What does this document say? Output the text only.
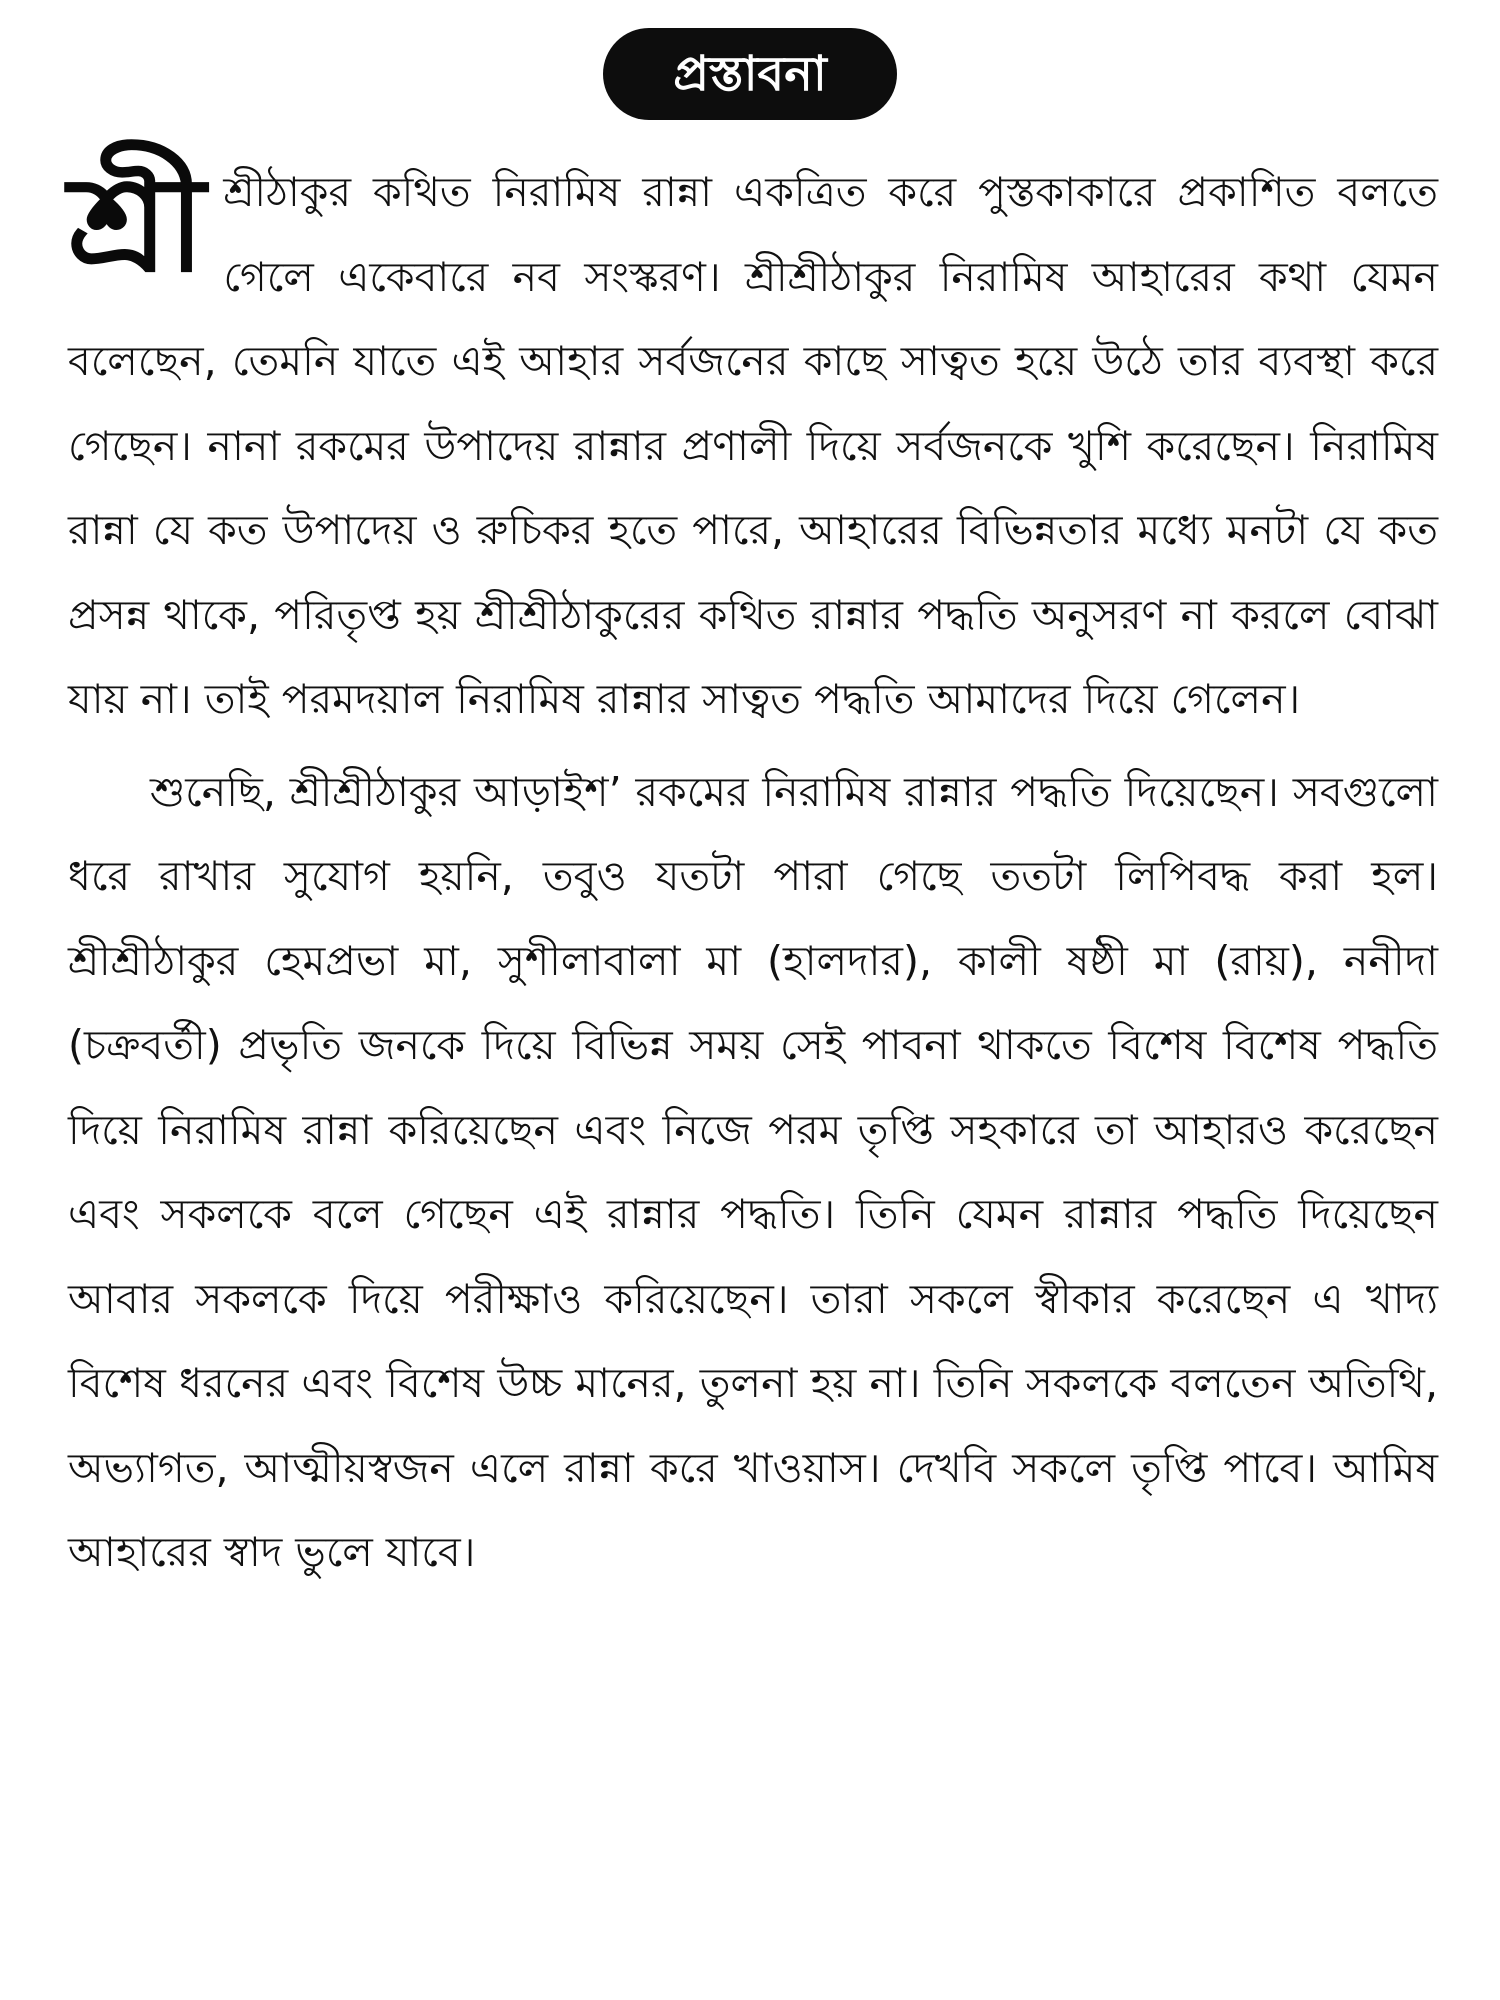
প্রস্তাবনা
শ্রী শ্রীঠাকুর কথিত নিরামিষ রান্না একত্রিত করে পুস্তকাকারে প্রকাশিত বলতে গেলে একেবারে নব সংস্করণ। শ্রীশ্রীঠাকুর নিরামিষ আহারের কথা যেমন বলেছেন, তেমনি যাতে এই আহার সর্বজনের কাছে সাত্বত হয়ে উঠে তার ব্যবস্থা করে গেছেন। নানা রকমের উপাদেয় রান্নার প্রণালী দিয়ে সর্বজনকে খুশি করেছেন। নিরামিষ রান্না যে কত উপাদেয় ও রুচিকর হতে পারে, আহারের বিভিন্নতার মধ্যে মনটা যে কত প্রসন্ন থাকে, পরিতৃপ্ত হয় শ্রীশ্রীঠাকুরের কথিত রান্নার পদ্ধতি অনুসরণ না করলে বোঝা যায় না। তাই পরমদয়াল নিরামিষ রান্নার সাত্বত পদ্ধতি আমাদের দিয়ে গেলেন।

শুনেছি, শ্রীশ্রীঠাকুর আড়াইশ’ রকমের নিরামিষ রান্নার পদ্ধতি দিয়েছেন। সবগুলো ধরে রাখার সুযোগ হয়নি, তবুও যতটা পারা গেছে ততটা লিপিবদ্ধ করা হল। শ্রীশ্রীঠাকুর হেমপ্রভা মা, সুশীলাবালা মা (হালদার), কালী ষষ্ঠী মা (রায়), ননীদা (চক্রবর্তী) প্রভৃতি জনকে দিয়ে বিভিন্ন সময় সেই পাবনা থাকতে বিশেষ বিশেষ পদ্ধতি দিয়ে নিরামিষ রান্না করিয়েছেন এবং নিজে পরম তৃপ্তি সহকারে তা আহারও করেছেন এবং সকলকে বলে গেছেন এই রান্নার পদ্ধতি। তিনি যেমন রান্নার পদ্ধতি দিয়েছেন আবার সকলকে দিয়ে পরীক্ষাও করিয়েছেন। তারা সকলে স্বীকার করেছেন এ খাদ্য বিশেষ ধরনের এবং বিশেষ উচ্চ মানের, তুলনা হয় না। তিনি সকলকে বলতেন অতিথি, অভ্যাগত, আত্মীয়স্বজন এলে রান্না করে খাওয়াস। দেখবি সকলে তৃপ্তি পাবে। আমিষ আহারের স্বাদ ভুলে যাবে।
